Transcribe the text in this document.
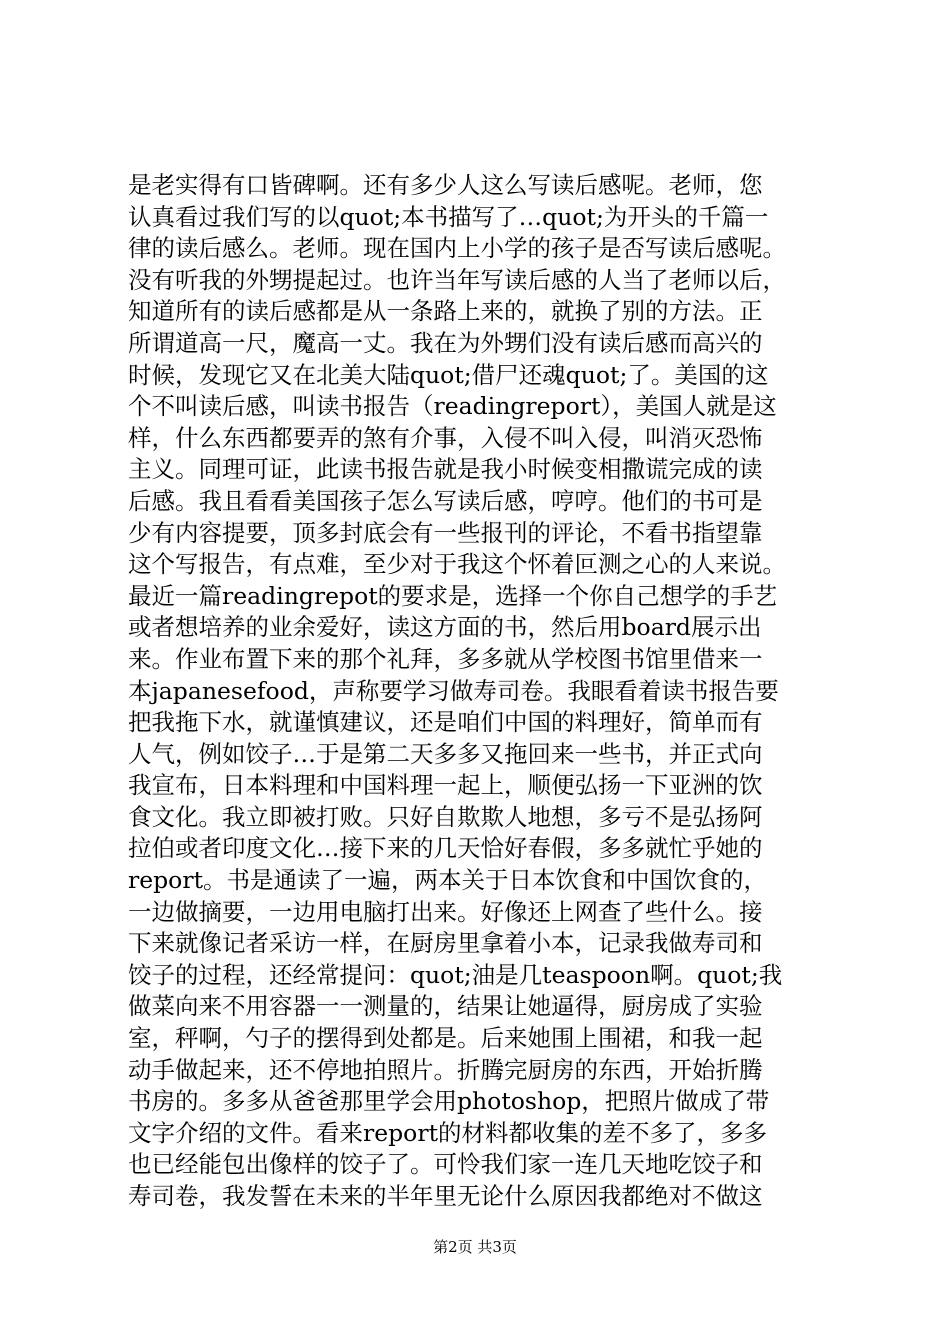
是老实得有口皆碑啊。还有多少人这么写读后感呢。老师，您
认真看过我们写的以quot;本书描写了…quot;为开头的千篇一
律的读后感么。老师。现在国内上小学的孩子是否写读后感呢。
没有听我的外甥提起过。也许当年写读后感的人当了老师以后，
知道所有的读后感都是从一条路上来的，就换了别的方法。正
所谓道高一尺，魔高一丈。我在为外甥们没有读后感而高兴的
时候，发现它又在北美大陆quot;借尸还魂quot;了。美国的这
个不叫读后感，叫读书报告（readingreport），美国人就是这
样，什么东西都要弄的煞有介事，入侵不叫入侵，叫消灭恐怖
主义。同理可证，此读书报告就是我小时候变相撒谎完成的读
后感。我且看看美国孩子怎么写读后感，哼哼。他们的书可是
少有内容提要，顶多封底会有一些报刊的评论，不看书指望靠
这个写报告，有点难，至少对于我这个怀着叵测之心的人来说。
最近一篇readingrepot的要求是，选择一个你自己想学的手艺
或者想培养的业余爱好，读这方面的书，然后用board展示出
来。作业布置下来的那个礼拜，多多就从学校图书馆里借来一
本japanesefood，声称要学习做寿司卷。我眼看着读书报告要
把我拖下水，就谨慎建议，还是咱们中国的料理好，简单而有
人气，例如饺子…于是第二天多多又拖回来一些书，并正式向
我宣布，日本料理和中国料理一起上，顺便弘扬一下亚洲的饮
食文化。我立即被打败。只好自欺欺人地想，多亏不是弘扬阿
拉伯或者印度文化…接下来的几天恰好春假，多多就忙乎她的
report。书是通读了一遍，两本关于日本饮食和中国饮食的，
一边做摘要，一边用电脑打出来。好像还上网查了些什么。接
下来就像记者采访一样，在厨房里拿着小本，记录我做寿司和
饺子的过程，还经常提问：quot;油是几teaspoon啊。quot;我
做菜向来不用容器一一测量的，结果让她逼得，厨房成了实验
室，秤啊，勺子的摆得到处都是。后来她围上围裙，和我一起
动手做起来，还不停地拍照片。折腾完厨房的东西，开始折腾
书房的。多多从爸爸那里学会用photoshop，把照片做成了带
文字介绍的文件。看来report的材料都收集的差不多了，多多
也已经能包出像样的饺子了。可怜我们家一连几天地吃饺子和
寿司卷，我发誓在未来的半年里无论什么原因我都绝对不做这
第2页 共3页
